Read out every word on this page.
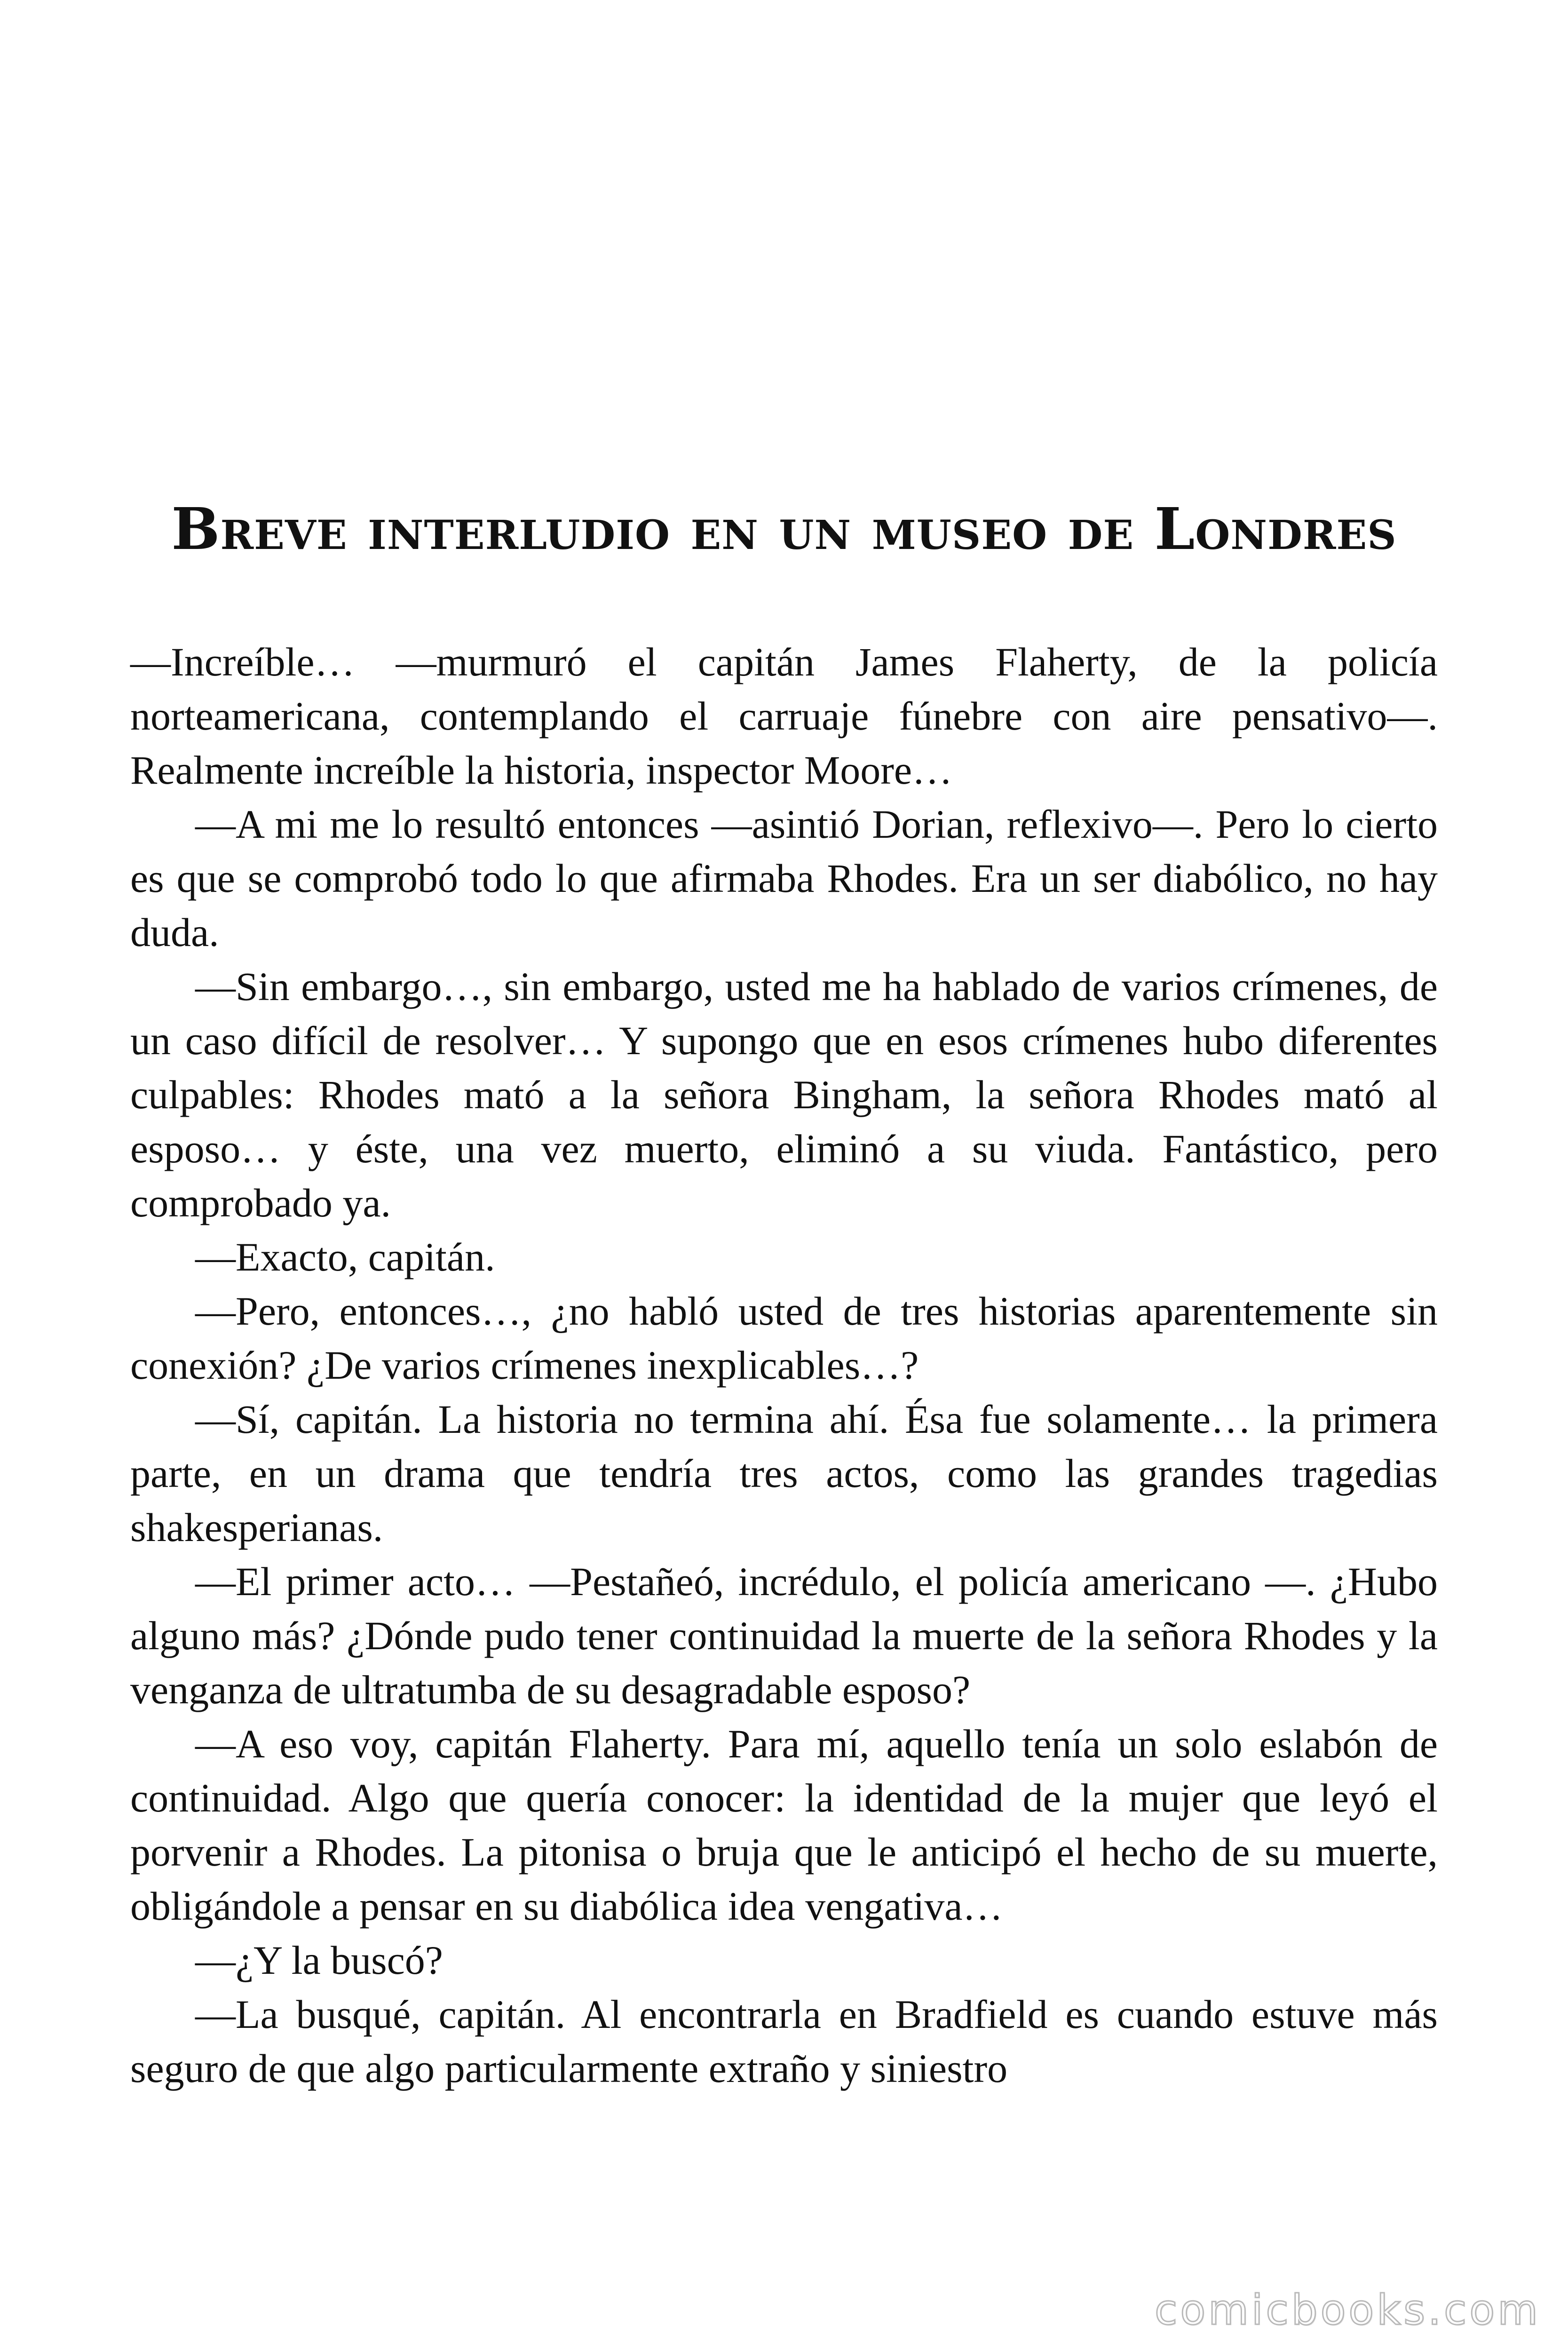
Breve interludio en un museo de Londres

—Increíble… —murmuró el capitán James Flaherty, de la policía norteamericana, contemplando el carruaje fúnebre con aire pensativo—. Realmente increíble la historia, inspector Moore…

—A mi me lo resultó entonces —asintió Dorian, reflexivo—. Pero lo cierto es que se comprobó todo lo que afirmaba Rhodes. Era un ser diabólico, no hay duda.

—Sin embargo…, sin embargo, usted me ha hablado de varios crímenes, de un caso difícil de resolver… Y supongo que en esos crímenes hubo diferentes culpables: Rhodes mató a la señora Bingham, la señora Rhodes mató al esposo… y éste, una vez muerto, eliminó a su viuda. Fantástico, pero comprobado ya.

—Exacto, capitán.

—Pero, entonces…, ¿no habló usted de tres historias aparentemente sin conexión? ¿De varios crímenes inexplicables…?

—Sí, capitán. La historia no termina ahí. Ésa fue solamente… la primera parte, en un drama que tendría tres actos, como las grandes tragedias shakesperianas.

—El primer acto… —Pestañeó, incrédulo, el policía americano —. ¿Hubo alguno más? ¿Dónde pudo tener continuidad la muerte de la señora Rhodes y la venganza de ultratumba de su desagradable esposo?

—A eso voy, capitán Flaherty. Para mí, aquello tenía un solo eslabón de continuidad. Algo que quería conocer: la identidad de la mujer que leyó el porvenir a Rhodes. La pitonisa o bruja que le anticipó el hecho de su muerte, obligándole a pensar en su diabólica idea vengativa…

—¿Y la buscó?

—La busqué, capitán. Al encontrarla en Bradfield es cuando estuve más seguro de que algo particularmente extraño y siniestro

comicbooks.com
